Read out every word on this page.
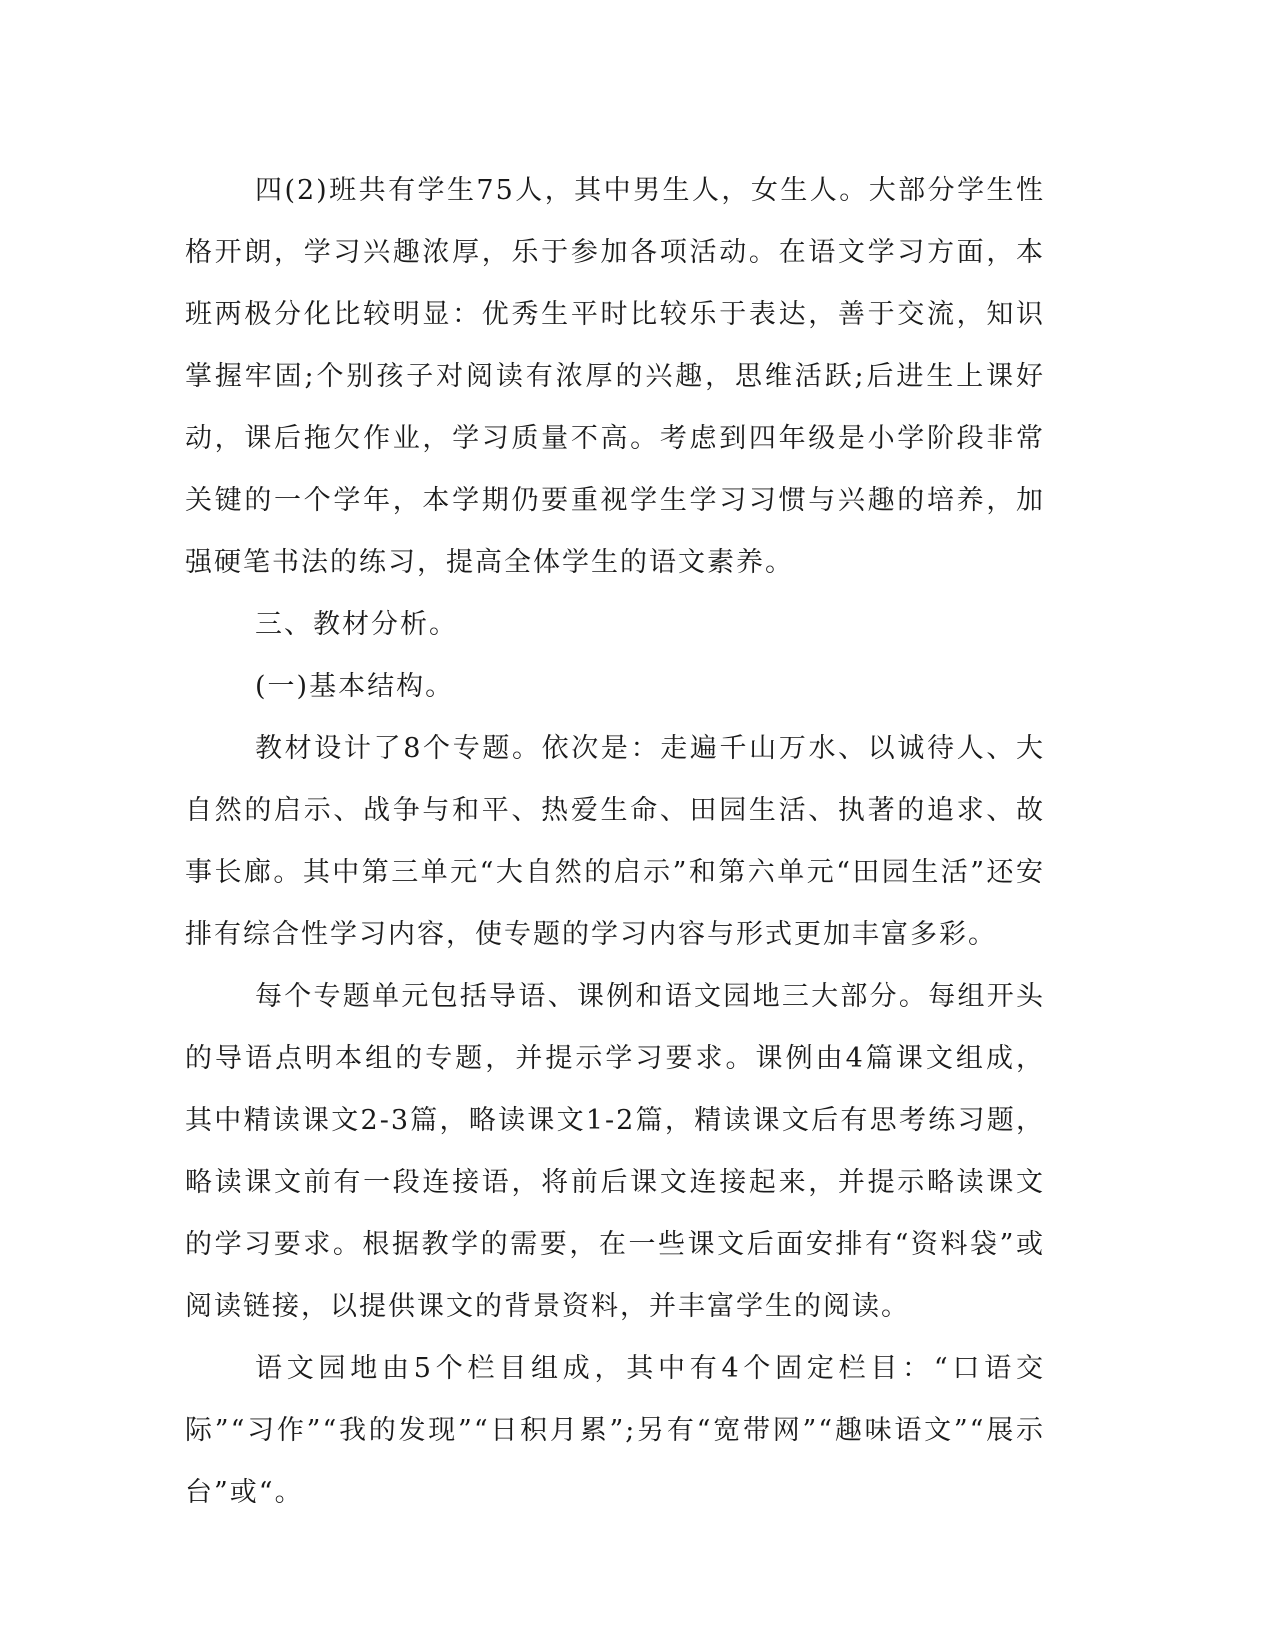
四(2)班共有学生75人，其中男生人，女生人。大部分学生性格开朗，学习兴趣浓厚，乐于参加各项活动。在语文学习方面，本班两极分化比较明显：优秀生平时比较乐于表达，善于交流，知识掌握牢固;个别孩子对阅读有浓厚的兴趣，思维活跃;后进生上课好动，课后拖欠作业，学习质量不高。考虑到四年级是小学阶段非常关键的一个学年，本学期仍要重视学生学习习惯与兴趣的培养，加强硬笔书法的练习，提高全体学生的语文素养。

三、教材分析。

(一)基本结构。

教材设计了8个专题。依次是：走遍千山万水、以诚待人、大自然的启示、战争与和平、热爱生命、田园生活、执著的追求、故事长廊。其中第三单元“大自然的启示”和第六单元“田园生活”还安排有综合性学习内容，使专题的学习内容与形式更加丰富多彩。

每个专题单元包括导语、课例和语文园地三大部分。每组开头的导语点明本组的专题，并提示学习要求。课例由4篇课文组成，其中精读课文2-3篇，略读课文1-2篇，精读课文后有思考练习题，略读课文前有一段连接语，将前后课文连接起来，并提示略读课文的学习要求。根据教学的需要，在一些课文后面安排有“资料袋”或阅读链接，以提供课文的背景资料，并丰富学生的阅读。

语文园地由5个栏目组成，其中有4个固定栏目：“口语交际”“习作”“我的发现”“日积月累”;另有“宽带网”“趣味语文”“展示台”或“。
